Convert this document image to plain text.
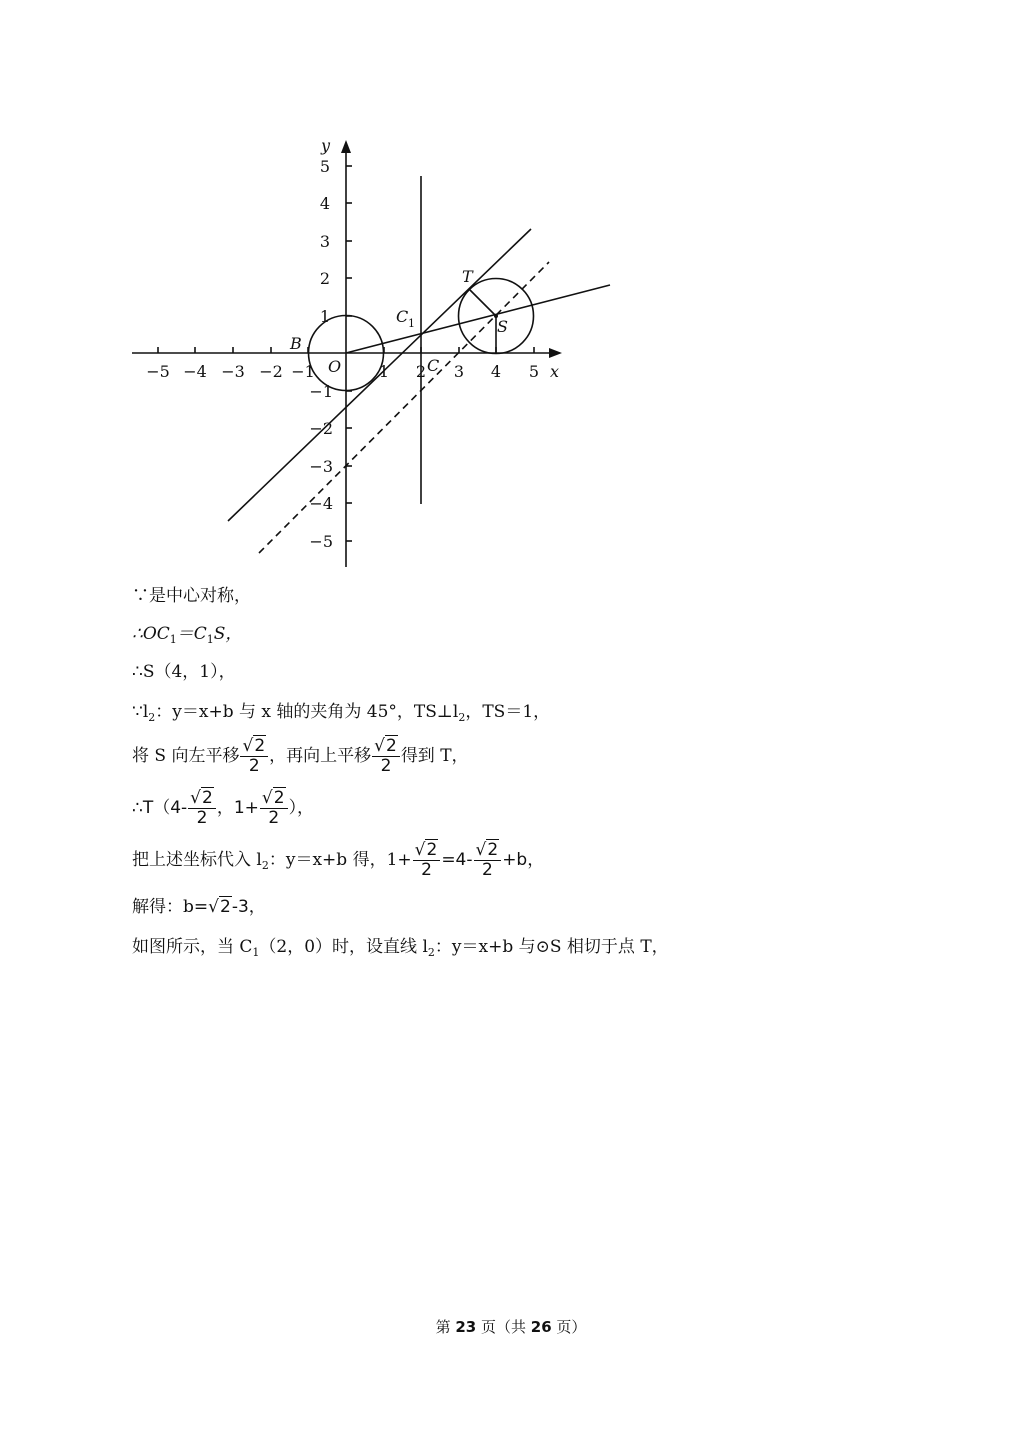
−5 −4 −3 −2 −1	1 2 3 4 5
5
4
3
2
1
−1
−2
−3
−4
−5
x
y
O
B
C
C 1
T
S
∵是中心对称，
$\therefore OC_1=C_1S$，
∴S（4，1），
$\because l_2$：y＝x+b 与 x 轴的夹角为 45°，$TS\perp l_2$，TS＝1，
将 S 向左平移 $\frac{√2}{2}$ ，再向上平移 $\frac{√2}{2}$ 得到 T，
∴T（4- $\frac{√2}{2}$ ，$1+ \frac{√2}{2}$ ），
把上述坐标代入 $l_2$：y＝x+b 得，$1+ \frac{√2}{2} =4- \frac{√2}{2} +b$，
解得：b=√2-3，
如图所示，当 $C_1(2$，0）时，设直线 $l_2$：y＝x+b 与⊙S 相切于点 T，
第 23 页（共 26 页）
